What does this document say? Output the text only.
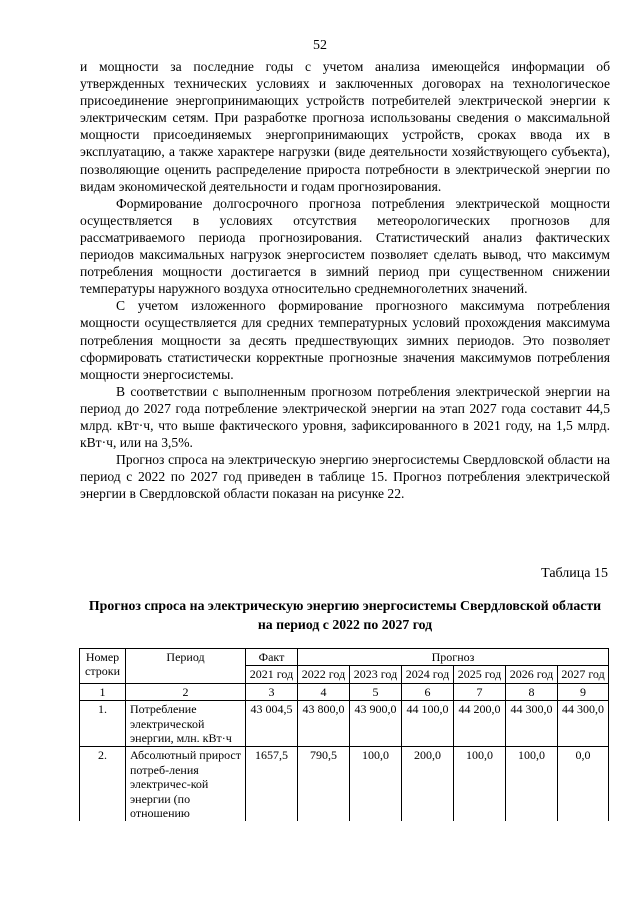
52

и мощности за последние годы с учетом анализа имеющейся информации об утвержденных технических условиях и заключенных договорах на технологическое присоединение энергопринимающих устройств потребителей электрической энергии к электрическим сетям. При разработке прогноза использованы сведения о максимальной мощности присоединяемых энергопринимающих устройств, сроках ввода их в эксплуатацию, а также характере нагрузки (виде деятельности хозяйствующего субъекта), позволяющие оценить распределение прироста потребности в электрической энергии по видам экономической деятельности и годам прогнозирования.

Формирование долгосрочного прогноза потребления электрической мощности осуществляется в условиях отсутствия метеорологических прогнозов для рассматриваемого периода прогнозирования. Статистический анализ фактических периодов максимальных нагрузок энергосистем позволяет сделать вывод, что максимум потребления мощности достигается в зимний период при существенном снижении температуры наружного воздуха относительно среднемноголетних значений.

С учетом изложенного формирование прогнозного максимума потребления мощности осуществляется для средних температурных условий прохождения максимума потребления мощности за десять предшествующих зимних периодов. Это позволяет сформировать статистически корректные прогнозные значения максимумов потребления мощности энергосистемы.

В соответствии с выполненным прогнозом потребления электрической энергии на период до 2027 года потребление электрической энергии на этап 2027 года составит 44,5 млрд. кВт·ч, что выше фактического уровня, зафиксированного в 2021 году, на 1,5 млрд. кВт·ч, или на 3,5%.

Прогноз спроса на электрическую энергию энергосистемы Свердловской области на период с 2022 по 2027 год приведен в таблице 15. Прогноз потребления электрической энергии в Свердловской области показан на рисунке 22.

Таблица 15
Прогноз спроса на электрическую энергию энергосистемы Свердловской области на период с 2022 по 2027 год
Номер строки	Период	Факт	Прогноз					
		2021 год	2022 год	2023 год	2024 год	2025 год	2026 год	2027 год
1	2	3	4	5	6	7	8	9
1.	Потребление электрической энергии, млн. кВт·ч	43 004,5	43 800,0	43 900,0	44 100,0	44 200,0	44 300,0	44 300,0
2.	Абсолютный прирост потреб-ления электричес-кой энергии (по отношению	1657,5	790,5	100,0	200,0	100,0	100,0	0,0
